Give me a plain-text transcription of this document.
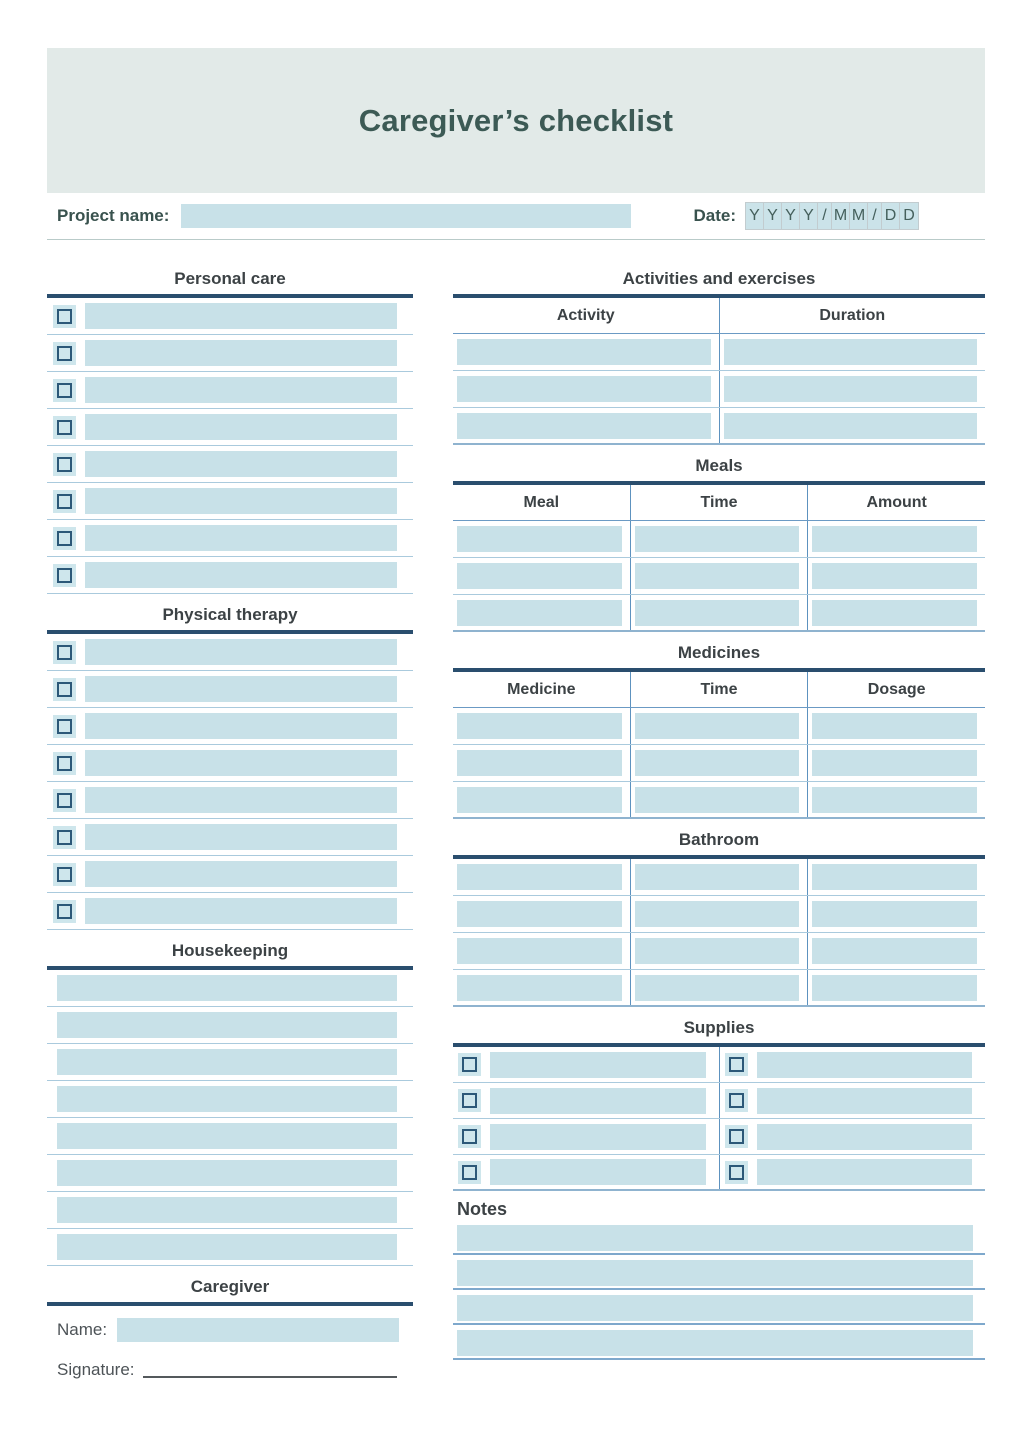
Caregiver’s checklist
Project name:	Date: Y Y Y Y / M M / D D
Personal care
Physical therapy
Housekeeping
Caregiver
Name:
Signature:
Activities and exercises
Activity	Duration
Meals
Meal	Time	Amount
Medicines
Medicine	Time	Dosage
Bathroom
Supplies
Notes
